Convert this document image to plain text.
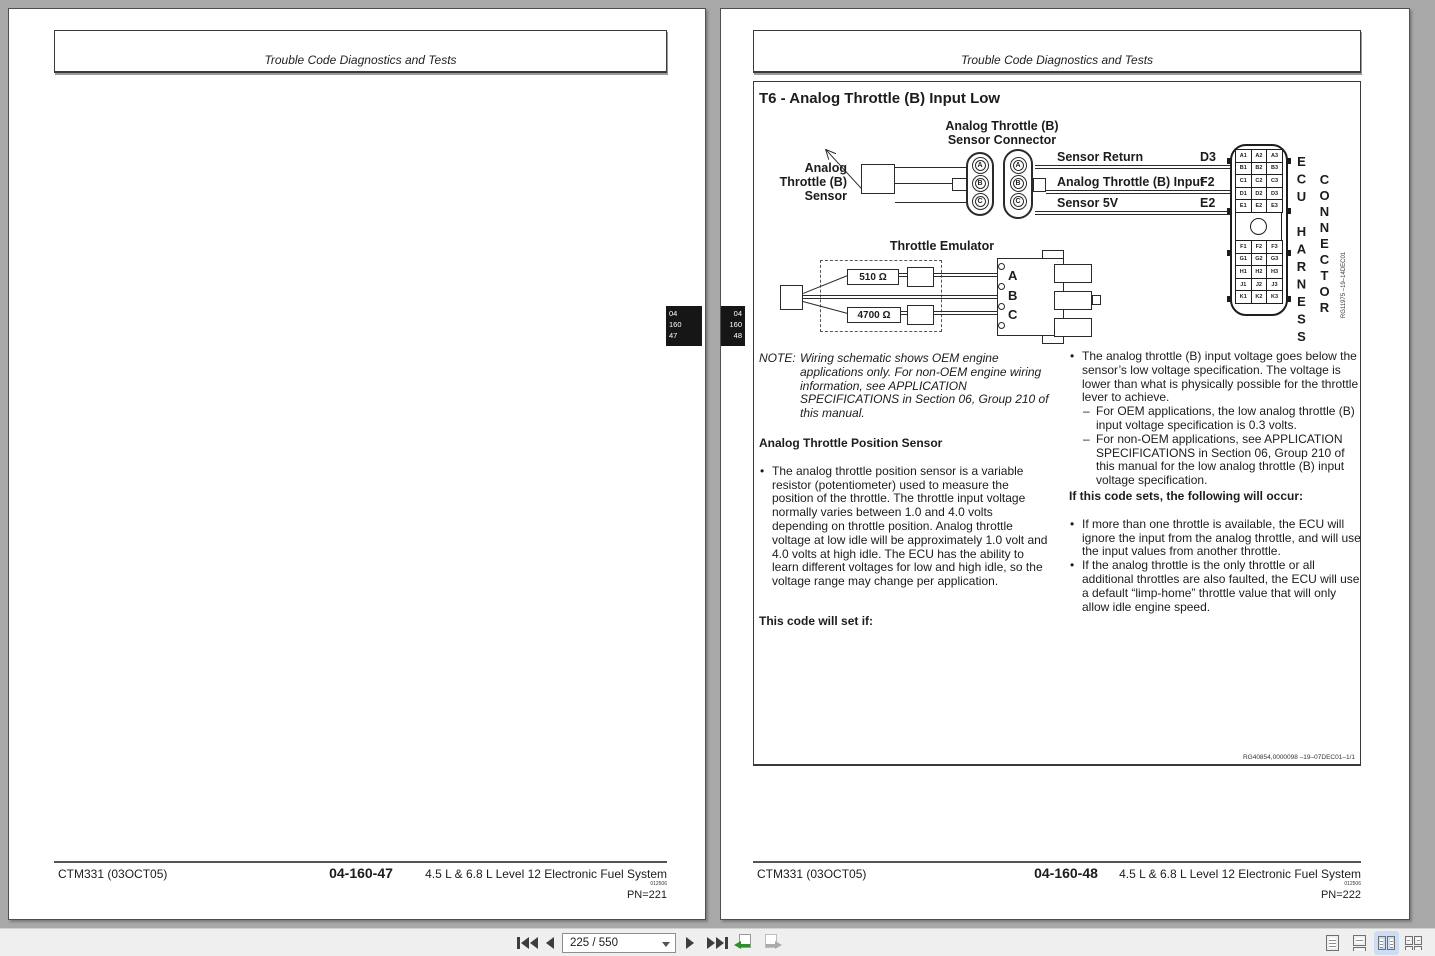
Trouble Code Diagnostics and Tests
04
160
47
CTM331 (03OCT05)	04-160-47	4.5 L & 6.8 L Level 12 Electronic Fuel System
012506
PN=221
Trouble Code Diagnostics and Tests
04
160
48
T6 - Analog Throttle (B) Input Low
Analog Throttle (B)
Sensor Connector
Analog
Throttle (B)
Sensor
A
B
C
A
B
C
Sensor Return	D3
Analog Throttle (B) Input
F2
Sensor 5V	E2
A1	A2	A3
B1	B2	B3
C1	C2	C3
D1	D2	D3
E1	E2	E3
F1	F2	F3
G1	G2	G3
H1	H2	H3
J1	J2	J3
K1	K2	K3	ECU HARNESS CONNECTOR RG11975 –19–14DEC01
Throttle Emulator
510 Ω
4700 Ω
A
B
C

NOTE: Wiring schematic shows OEM engine applications only. For non-OEM engine wiring information, see APPLICATION SPECIFICATIONS in Section 06, Group 210 of this manual.

Analog Throttle Position Sensor

• The analog throttle position sensor is a variable resistor (potentiometer) used to measure the position of the throttle. The throttle input voltage normally varies between 1.0 and 4.0 volts depending on throttle position. Analog throttle voltage at low idle will be approximately 1.0 volt and 4.0 volts at high idle. The ECU has the ability to learn different voltages for low and high idle, so the voltage range may change per application.

This code will set if:

• The analog throttle (B) input voltage goes below the sensor’s low voltage specification. The voltage is lower than what is physically possible for the throttle lever to achieve.

– For OEM applications, the low analog throttle (B) input voltage specification is 0.3 volts.

– For non-OEM applications, see APPLICATION SPECIFICATIONS in Section 06, Group 210 of this manual for the low analog throttle (B) input voltage specification.

If this code sets, the following will occur:

• If more than one throttle is available, the ECU will ignore the input from the analog throttle, and will use the input values from another throttle.

• If the analog throttle is the only throttle or all additional throttles are also faulted, the ECU will use a default “limp-home” throttle value that will only allow idle engine speed.

RG40854,0000098 –19–07DEC01–1/1
CTM331 (03OCT05)	04-160-48	4.5 L & 6.8 L Level 12 Electronic Fuel System
012506
PN=222
225 / 550
